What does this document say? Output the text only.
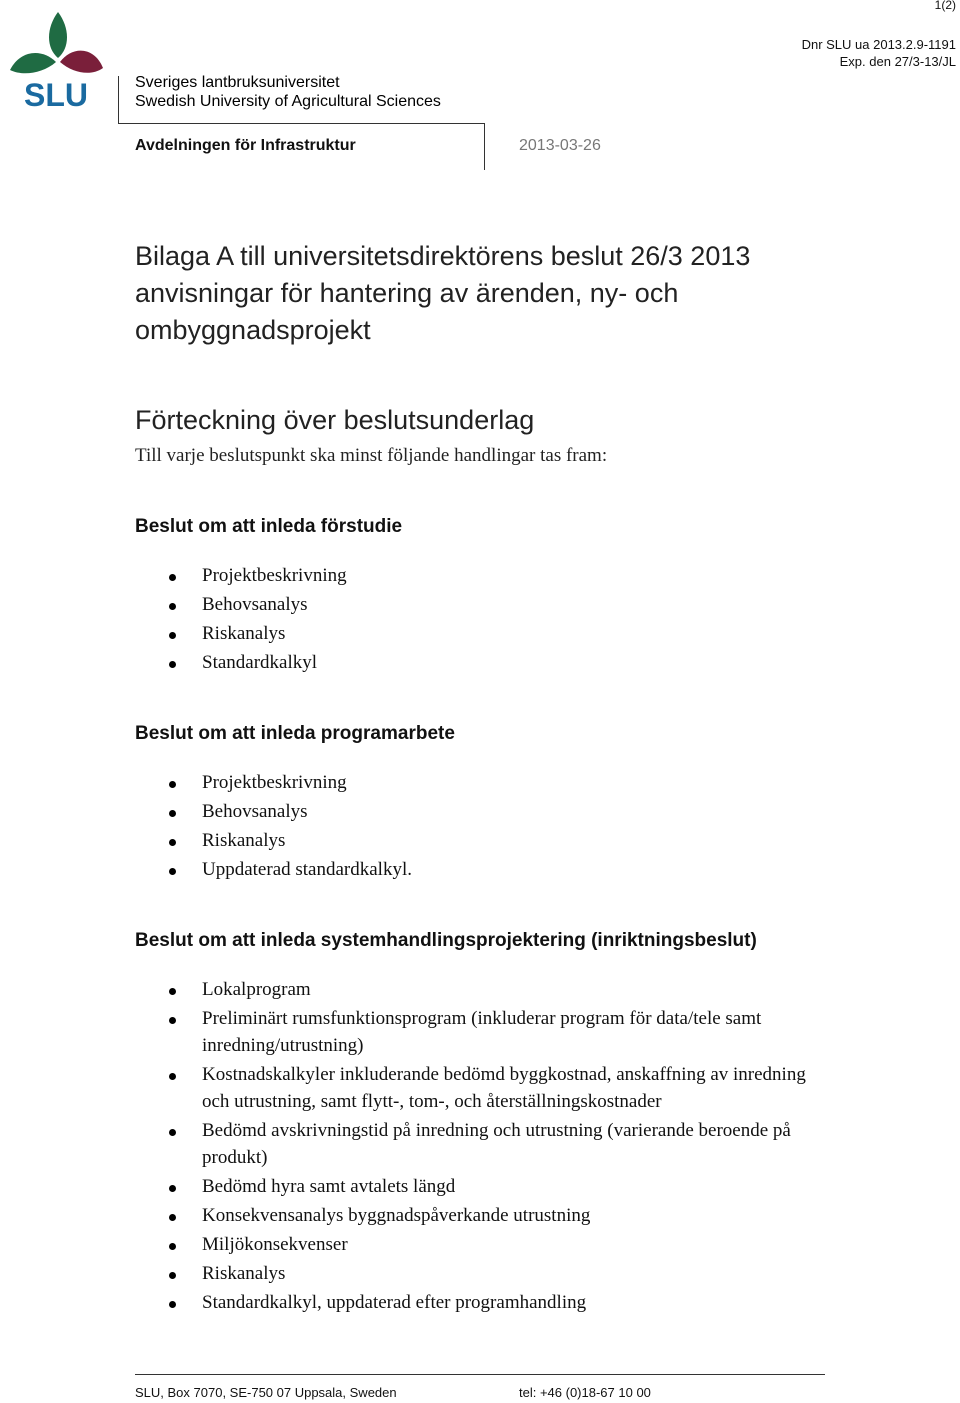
1(2)
Dnr SLU ua 2013.2.9-1191
Exp. den 27/3-13/JL
SLU	Sveriges lantbruksuniversitet
Swedish University of Agricultural Sciences
Avdelningen för Infrastruktur	2013-03-26
Bilaga A till universitetsdirektörens beslut 26/3 2013
anvisningar för hantering av ärenden, ny- och
ombyggnadsprojekt
Förteckning över beslutsunderlag
Till varje beslutspunkt ska minst följande handlingar tas fram:
Beslut om att inleda förstudie
Projektbeskrivning
Behovsanalys
Riskanalys
Standardkalkyl
Beslut om att inleda programarbete
Projektbeskrivning
Behovsanalys
Riskanalys
Uppdaterad standardkalkyl.
Beslut om att inleda systemhandlingsprojektering (inriktningsbeslut)
Lokalprogram
Preliminärt rumsfunktionsprogram (inkluderar program för data/tele samt inredning/utrustning)
Kostnadskalkyler inkluderande bedömd byggkostnad, anskaffning av inredning och utrustning, samt flytt-, tom-, och återställningskostnader
Bedömd avskrivningstid på inredning och utrustning (varierande beroende på produkt)
Bedömd hyra samt avtalets längd
Konsekvensanalys byggnadspåverkande utrustning
Miljökonsekvenser
Riskanalys
Standardkalkyl, uppdaterad efter programhandling
SLU, Box 7070, SE-750 07 Uppsala, Sweden	tel: +46 (0)18-67 10 00
